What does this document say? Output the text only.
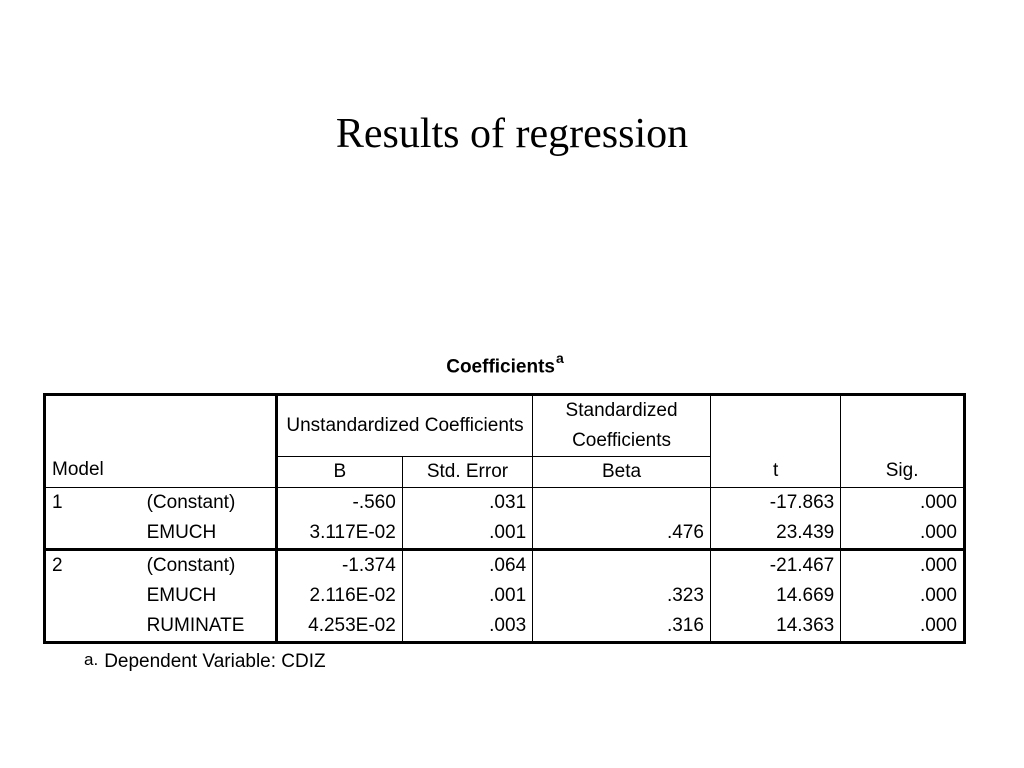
Results of regression
Coefficients$^a$
Model		Unstandardized Coefficients		Standardized Coefficients	t	Sig.
		B	Std. Error	Beta		
1	(Constant)	-.560	.031		-17.863	.000
	EMUCH	3.117E-02	.001	.476	23.439	.000
2	(Constant)	-1.374	.064		-21.467	.000
	EMUCH	2.116E-02	.001	.323	14.669	.000
	RUMINATE	4.253E-02	.003	.316	14.363	.000
a. Dependent Variable: CDIZ
